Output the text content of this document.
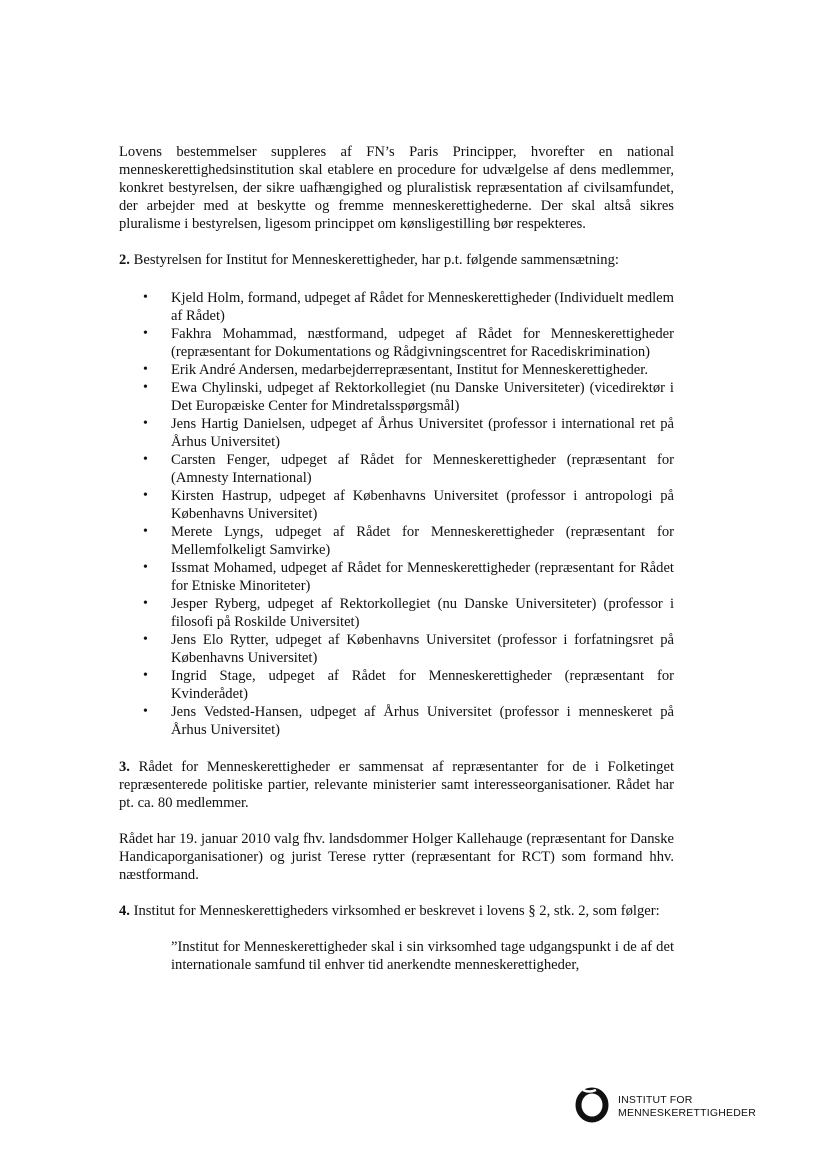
Lovens bestemmelser suppleres af FN’s Paris Principper, hvorefter en national menneskerettighedsinstitution skal etablere en procedure for udvælgelse af dens medlemmer, konkret bestyrelsen, der sikre uafhængighed og pluralistisk repræsentation af civilsamfundet, der arbejder med at beskytte og fremme menneskerettighederne. Der skal altså sikres pluralisme i bestyrelsen, ligesom princippet om kønsligestilling bør respekteres.

2. Bestyrelsen for Institut for Menneskerettigheder, har p.t. følgende sammensætning:

• Kjeld Holm, formand, udpeget af Rådet for Menneskerettigheder (Individuelt medlem af Rådet)
• Fakhra Mohammad, næstformand, udpeget af Rådet for Menneskerettigheder (repræsentant for Dokumentations og Rådgivningscentret for Racediskrimination)
• Erik André Andersen, medarbejderrepræsentant, Institut for Menneskerettigheder.
• Ewa Chylinski, udpeget af Rektorkollegiet (nu Danske Universiteter) (vicedirektør i Det Europæiske Center for Mindretalsspørgsmål)
• Jens Hartig Danielsen, udpeget af Århus Universitet (professor i international ret på Århus Universitet)
• Carsten Fenger, udpeget af Rådet for Menneskerettigheder (repræsentant for (Amnesty International)
• Kirsten Hastrup, udpeget af Københavns Universitet (professor i antropologi på Københavns Universitet)
• Merete Lyngs, udpeget af Rådet for Menneskerettigheder (repræsentant for Mellemfolkeligt Samvirke)
• Issmat Mohamed, udpeget af Rådet for Menneskerettigheder (repræsentant for Rådet for Etniske Minoriteter)
• Jesper Ryberg, udpeget af Rektorkollegiet (nu Danske Universiteter) (professor i filosofi på Roskilde Universitet)
• Jens Elo Rytter, udpeget af Københavns Universitet (professor i forfatningsret på Københavns Universitet)
• Ingrid Stage, udpeget af Rådet for Menneskerettigheder (repræsentant for Kvinderådet)
• Jens Vedsted-Hansen, udpeget af Århus Universitet (professor i menneskeret på Århus Universitet)

3. Rådet for Menneskerettigheder er sammensat af repræsentanter for de i Folketinget repræsenterede politiske partier, relevante ministerier samt interesseorganisationer. Rådet har pt. ca. 80 medlemmer.

Rådet har 19. januar 2010 valg fhv. landsdommer Holger Kallehauge (repræsentant for Danske Handicaporganisationer) og jurist Terese rytter (repræsentant for RCT) som formand hhv. næstformand.

4. Institut for Menneskerettigheders virksomhed er beskrevet i lovens § 2, stk. 2, som følger:

”Institut for Menneskerettigheder skal i sin virksomhed tage udgangspunkt i de af det internationale samfund til enhver tid anerkendte menneskerettigheder,

INSTITUT FOR
MENNESKERETTIGHEDER
